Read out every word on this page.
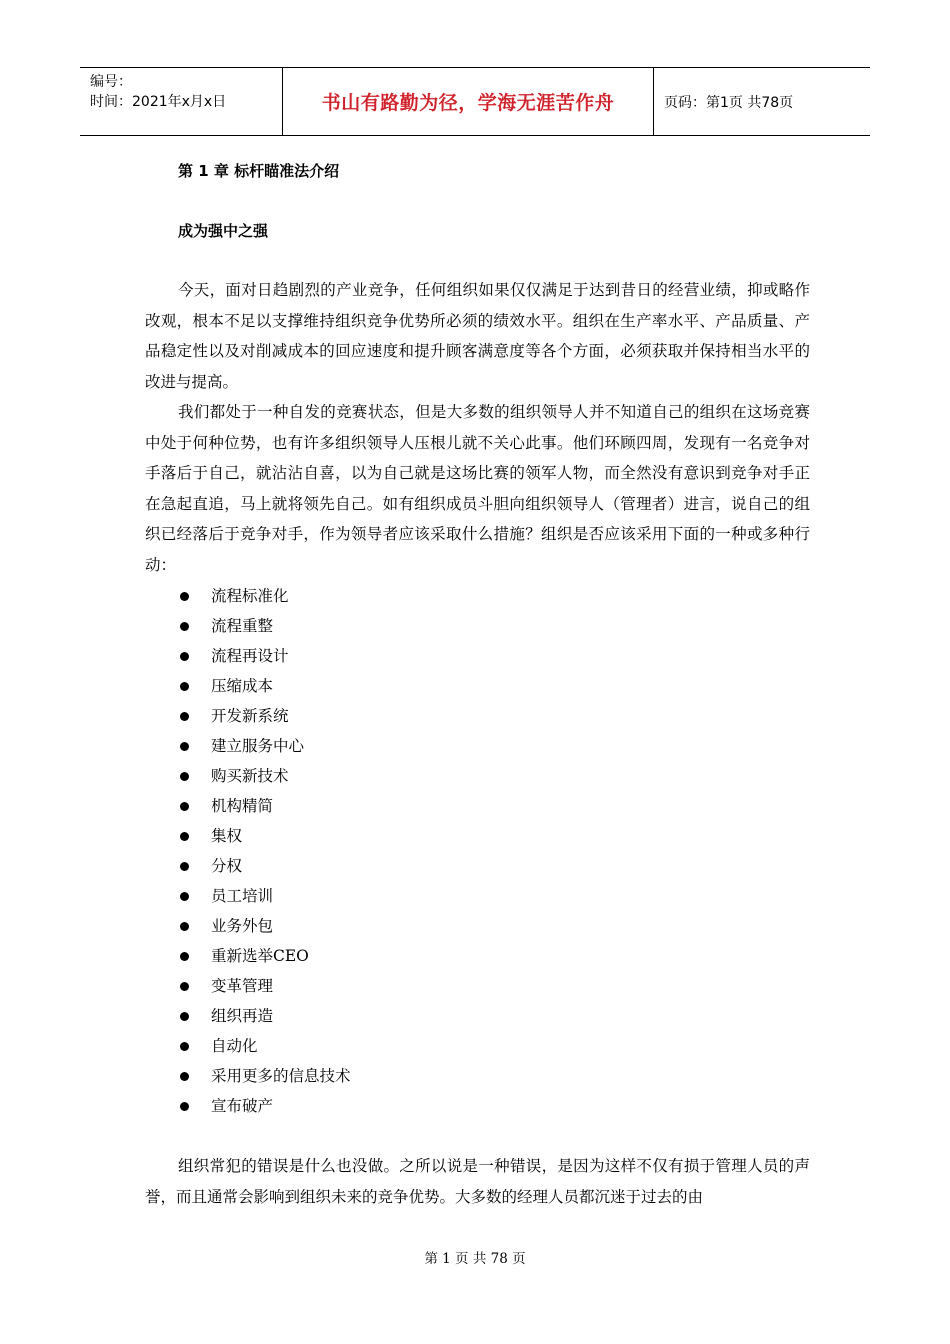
编号：
时间：2021年x月x日	书山有路勤为径，学海无涯苦作舟	页码：第1页 共78页
第 1 章 标杆瞄准法介绍
成为强中之强

今天，面对日趋剧烈的产业竞争，任何组织如果仅仅满足于达到昔日的经营业绩，抑或略作改观，根本不足以支撑维持组织竞争优势所必须的绩效水平。组织在生产率水平、产品质量、产品稳定性以及对削减成本的回应速度和提升顾客满意度等各个方面，必须获取并保持相当水平的改进与提高。

我们都处于一种自发的竞赛状态，但是大多数的组织领导人并不知道自己的组织在这场竞赛中处于何种位势，也有许多组织领导人压根儿就不关心此事。他们环顾四周，发现有一名竞争对手落后于自己，就沾沾自喜，以为自己就是这场比赛的领军人物，而全然没有意识到竞争对手正在急起直追，马上就将领先自己。如有组织成员斗胆向组织领导人（管理者）进言，说自己的组织已经落后于竞争对手，作为领导者应该采取什么措施？组织是否应该采用下面的一种或多种行动：

流程标准化
流程重整
流程再设计
压缩成本
开发新系统
建立服务中心
购买新技术
机构精简
集权
分权
员工培训
业务外包
重新选举CEO
变革管理
组织再造
自动化
采用更多的信息技术
宣布破产

组织常犯的错误是什么也没做。之所以说是一种错误，是因为这样不仅有损于管理人员的声誉，而且通常会影响到组织未来的竞争优势。大多数的经理人员都沉迷于过去的由

第 1 页 共 78 页
